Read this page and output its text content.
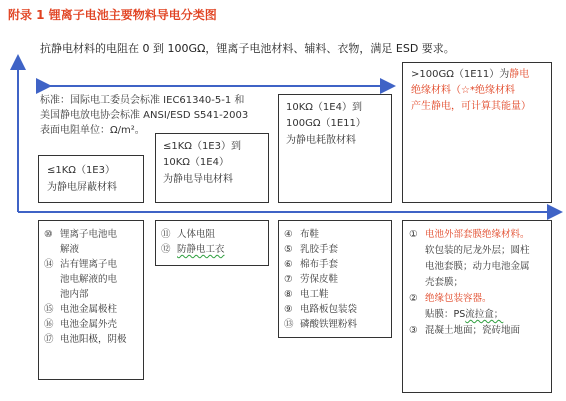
附录 1 锂离子电池主要物料导电分类图
抗静电材料的电阻在 0 到 100GΩ，锂离子电池材料、辅料、衣物，满足 ESD 要求。
标准：国际电工委员会标准 IEC61340-5-1 和
美国静电放电协会标准 ANSI/ESD S541-2003
表面电阻单位：Ω/m²。
≤1KΩ（1E3）
为静电屏蔽材料
≤1KΩ（1E3）到
10KΩ（1E4）
为静电导电材料
10KΩ（1E4）到
100GΩ（1E11）
为静电耗散材料
>100GΩ（1E11）为静电
绝缘材料（☆*绝缘材料
产生静电，可计算其能量）
⑩ 锂离子电池电
解液
⑭ 沾有锂离子电
池电解液的电
池内部
⑮ 电池金属极柱
⑯ 电池金属外壳
⑰ 电池阳极，阴极
⑪ 人体电阻
⑫ 防静电工衣
④ 布鞋
⑤ 乳胶手套
⑥ 棉布手套
⑦ 劳保皮鞋
⑧ 电工鞋
⑨ 电路板包装袋
⑬ 磷酸铁锂粉料
① 电池外部套膜绝缘材料。
软包装的尼龙外层；圆柱
电池套膜；动力电池金属
壳套膜；
② 绝缘包装容器。
贴膜：PS 流拉盒；
③ 混凝土地面；瓷砖地面
